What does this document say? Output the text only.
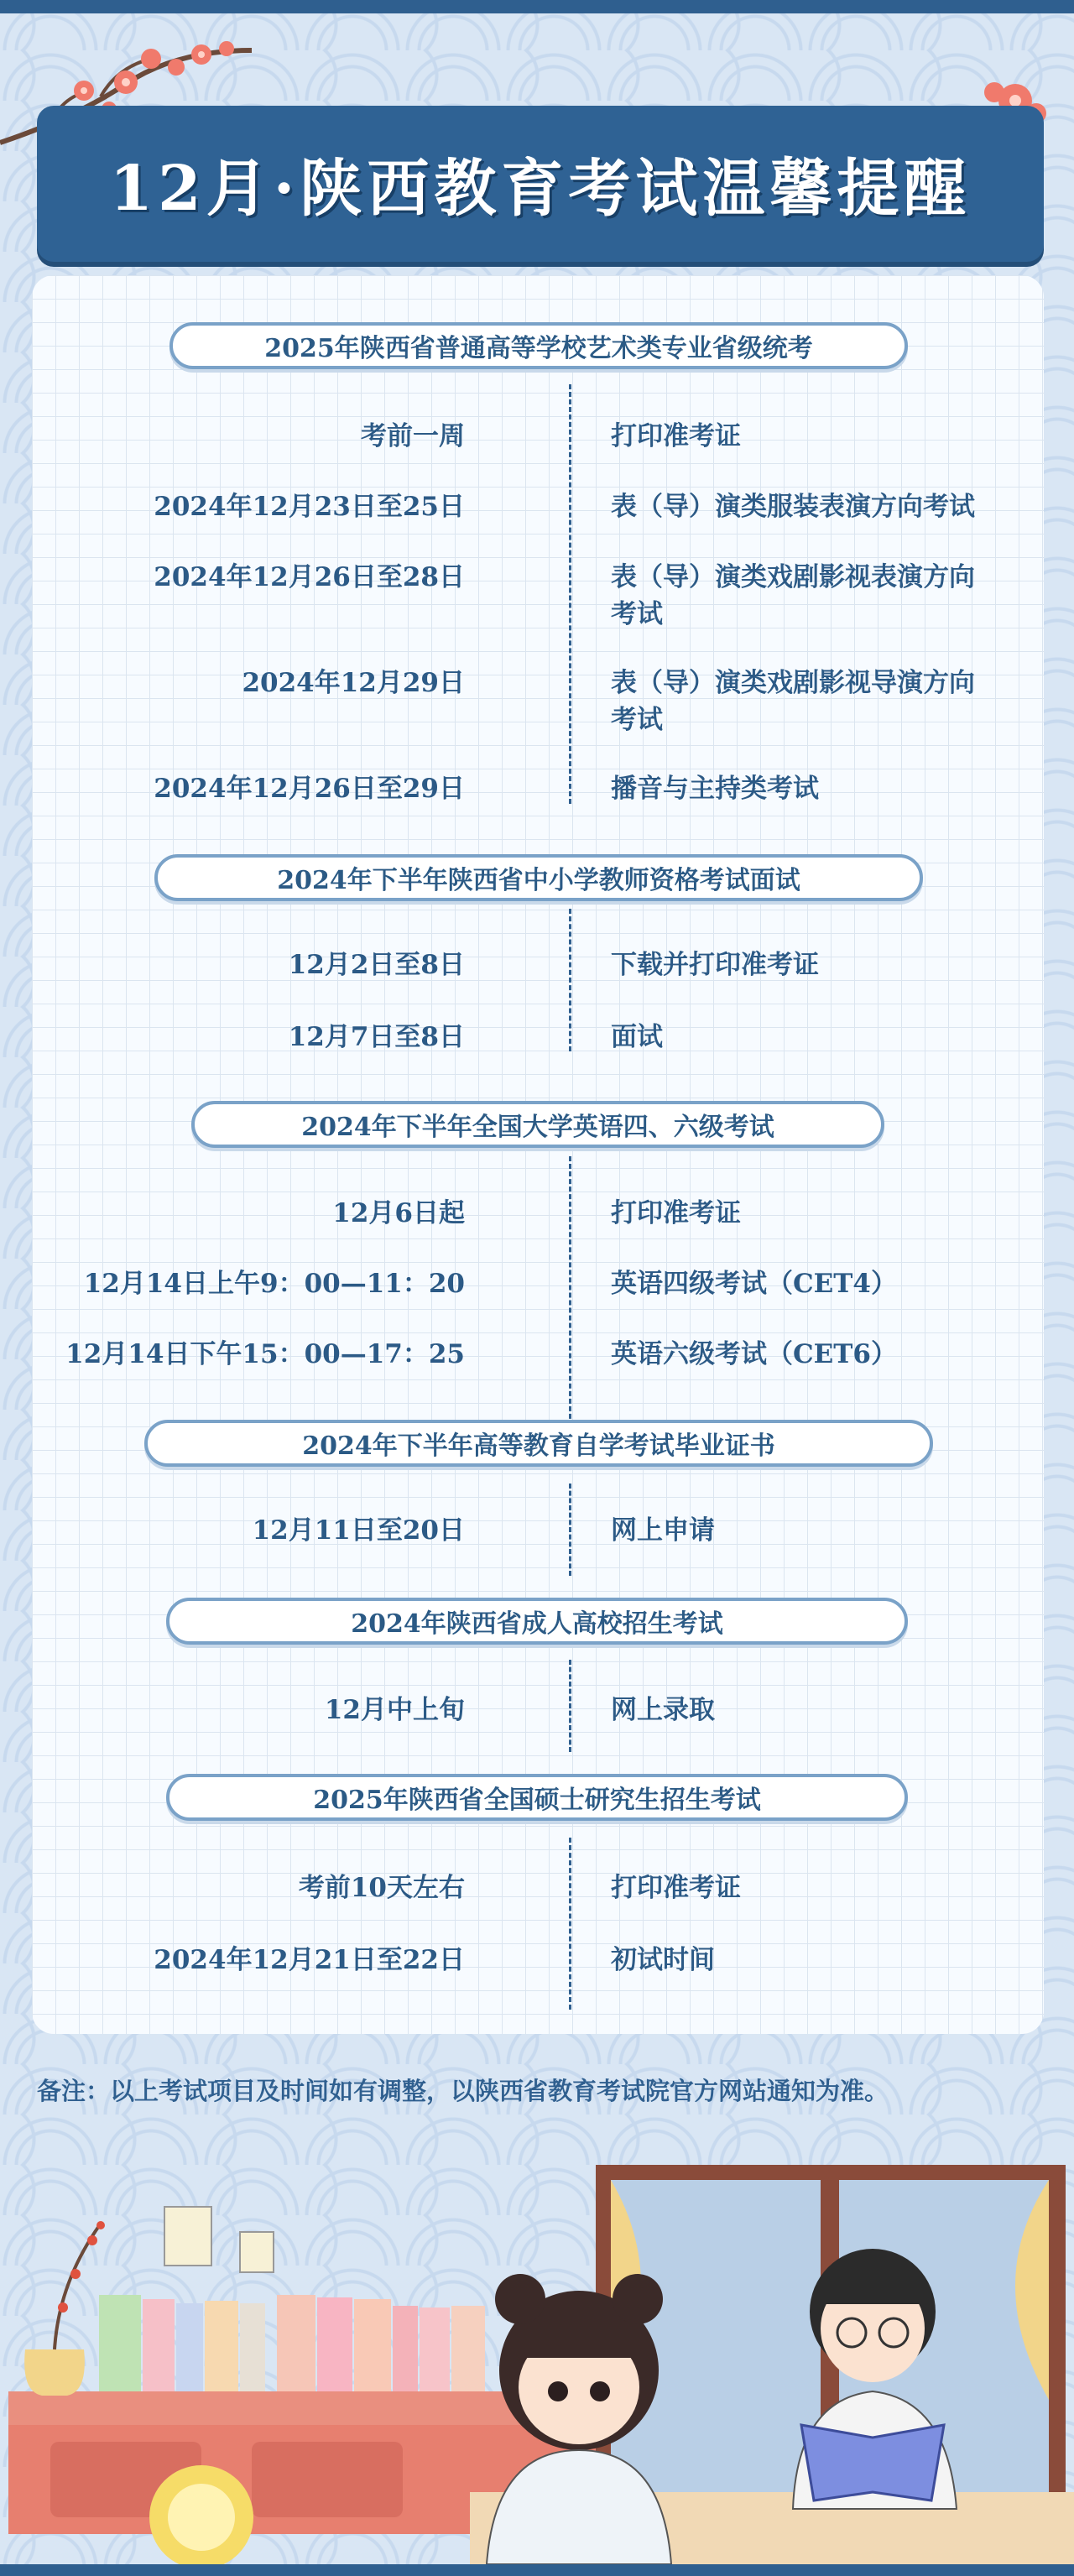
12月·陕西教育考试温馨提醒
2025年陕西省普通高等学校艺术类专业省级统考
考前一周	打印准考证
2024年12月23日至25日	表（导）演类服装表演方向考试
2024年12月26日至28日	表（导）演类戏剧影视表演方向考试
2024年12月29日	表（导）演类戏剧影视导演方向考试
2024年12月26日至29日	播音与主持类考试
2024年下半年陕西省中小学教师资格考试面试
12月2日至8日	下载并打印准考证
12月7日至8日	面试
2024年下半年全国大学英语四、六级考试
12月6日起	打印准考证
12月14日上午9：00—11：20	英语四级考试（CET4）
12月14日下午15：00—17：25	英语六级考试（CET6）
2024年下半年高等教育自学考试毕业证书
12月11日至20日	网上申请
2024年陕西省成人高校招生考试
12月中上旬	网上录取
2025年陕西省全国硕士研究生招生考试
考前10天左右	打印准考证
2024年12月21日至22日	初试时间
备注：以上考试项目及时间如有调整，以陕西省教育考试院官方网站通知为准。
